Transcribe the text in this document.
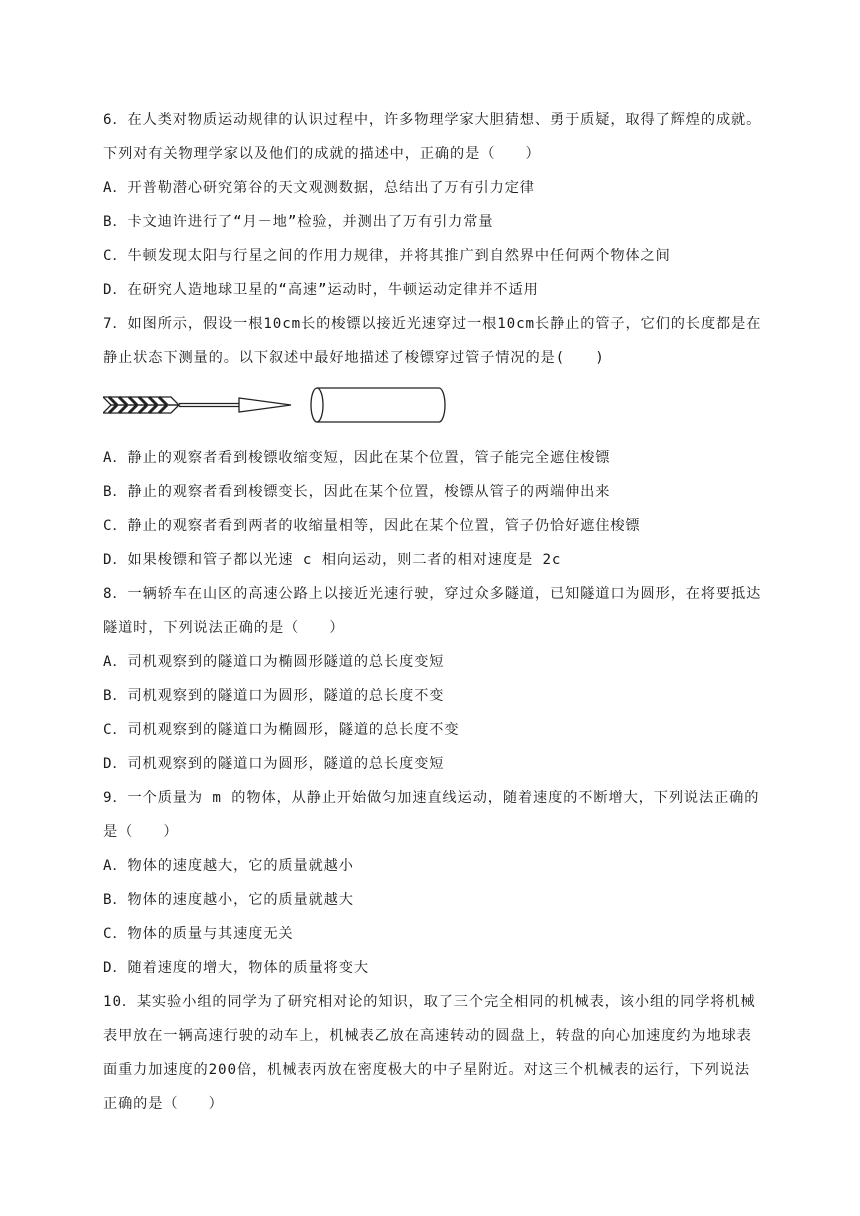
6．在人类对物质运动规律的认识过程中，许多物理学家大胆猜想、勇于质疑，取得了辉煌的成就。
下列对有关物理学家以及他们的成就的描述中，正确的是（　　）
A．开普勒潜心研究第谷的天文观测数据，总结出了万有引力定律
B．卡文迪许进行了“月－地”检验，并测出了万有引力常量
C．牛顿发现太阳与行星之间的作用力规律，并将其推广到自然界中任何两个物体之间
D．在研究人造地球卫星的“高速”运动时，牛顿运动定律并不适用
7．如图所示，假设一根10cm长的梭镖以接近光速穿过一根10cm长静止的管子，它们的长度都是在
静止状态下测量的。以下叙述中最好地描述了梭镖穿过管子情况的是(　　)
A．静止的观察者看到梭镖收缩变短，因此在某个位置，管子能完全遮住梭镖
B．静止的观察者看到梭镖变长，因此在某个位置，梭镖从管子的两端伸出来
C．静止的观察者看到两者的收缩量相等，因此在某个位置，管子仍恰好遮住梭镖
D．如果梭镖和管子都以光速 c 相向运动，则二者的相对速度是 2c
8．一辆轿车在山区的高速公路上以接近光速行驶，穿过众多隧道，已知隧道口为圆形，在将要抵达
隧道时，下列说法正确的是（　　）
A．司机观察到的隧道口为椭圆形隧道的总长度变短
B．司机观察到的隧道口为圆形，隧道的总长度不变
C．司机观察到的隧道口为椭圆形，隧道的总长度不变
D．司机观察到的隧道口为圆形，隧道的总长度变短
9．一个质量为 m 的物体，从静止开始做匀加速直线运动，随着速度的不断增大，下列说法正确的
是（　　）
A．物体的速度越大，它的质量就越小
B．物体的速度越小，它的质量就越大
C．物体的质量与其速度无关
D．随着速度的增大，物体的质量将变大
10．某实验小组的同学为了研究相对论的知识，取了三个完全相同的机械表，该小组的同学将机械
表甲放在一辆高速行驶的动车上，机械表乙放在高速转动的圆盘上，转盘的向心加速度约为地球表
面重力加速度的200倍，机械表丙放在密度极大的中子星附近。对这三个机械表的运行，下列说法
正确的是（　　）
